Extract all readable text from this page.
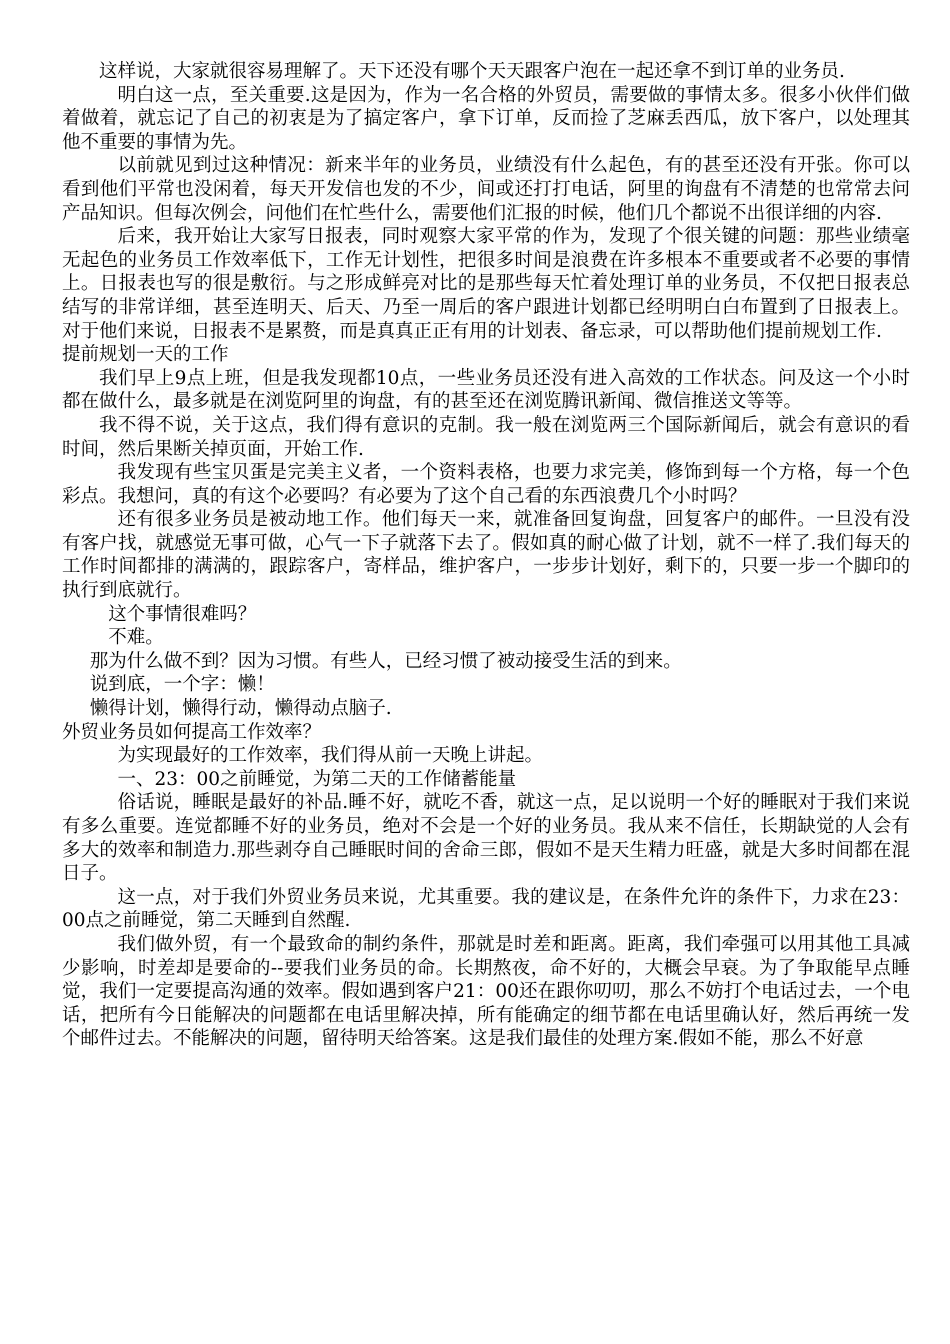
这样说，大家就很容易理解了。天下还没有哪个天天跟客户泡在一起还拿不到订单的业务员.

明白这一点，至关重要.这是因为，作为一名合格的外贸员，需要做的事情太多。很多小伙伴们做着做着，就忘记了自己的初衷是为了搞定客户，拿下订单，反而捡了芝麻丢西瓜，放下客户，以处理其他不重要的事情为先。

以前就见到过这种情况：新来半年的业务员，业绩没有什么起色，有的甚至还没有开张。你可以看到他们平常也没闲着，每天开发信也发的不少，间或还打打电话，阿里的询盘有不清楚的也常常去问产品知识。但每次例会，问他们在忙些什么，需要他们汇报的时候，他们几个都说不出很详细的内容.

后来，我开始让大家写日报表，同时观察大家平常的作为，发现了个很关键的问题：那些业绩毫无起色的业务员工作效率低下，工作无计划性，把很多时间是浪费在许多根本不重要或者不必要的事情上。日报表也写的很是敷衍。与之形成鲜亮对比的是那些每天忙着处理订单的业务员，不仅把日报表总结写的非常详细，甚至连明天、后天、乃至一周后的客户跟进计划都已经明明白白布置到了日报表上。对于他们来说，日报表不是累赘，而是真真正正有用的计划表、备忘录，可以帮助他们提前规划工作.

提前规划一天的工作

我们早上9点上班，但是我发现都10点，一些业务员还没有进入高效的工作状态。问及这一个小时都在做什么，最多就是在浏览阿里的询盘，有的甚至还在浏览腾讯新闻、微信推送文等等。

我不得不说，关于这点，我们得有意识的克制。我一般在浏览两三个国际新闻后，就会有意识的看时间，然后果断关掉页面，开始工作.

我发现有些宝贝蛋是完美主义者，一个资料表格，也要力求完美，修饰到每一个方格，每一个色彩点。我想问，真的有这个必要吗？有必要为了这个自己看的东西浪费几个小时吗？

还有很多业务员是被动地工作。他们每天一来，就准备回复询盘，回复客户的邮件。一旦没有没有客户找，就感觉无事可做，心气一下子就落下去了。假如真的耐心做了计划，就不一样了.我们每天的工作时间都排的满满的，跟踪客户，寄样品，维护客户，一步步计划好，剩下的，只要一步一个脚印的执行到底就行。

这个事情很难吗？

不难。

那为什么做不到？因为习惯。有些人，已经习惯了被动接受生活的到来。

说到底，一个字：懒！

懒得计划，懒得行动，懒得动点脑子.

外贸业务员如何提高工作效率？

为实现最好的工作效率，我们得从前一天晚上讲起。

一、23：00之前睡觉，为第二天的工作储蓄能量

俗话说，睡眠是最好的补品.睡不好，就吃不香，就这一点，足以说明一个好的睡眠对于我们来说有多么重要。连觉都睡不好的业务员，绝对不会是一个好的业务员。我从来不信任，长期缺觉的人会有多大的效率和制造力.那些剥夺自己睡眠时间的舍命三郎，假如不是天生精力旺盛，就是大多时间都在混日子。

这一点，对于我们外贸业务员来说，尤其重要。我的建议是，在条件允许的条件下，力求在23：00点之前睡觉，第二天睡到自然醒.

我们做外贸，有一个最致命的制约条件，那就是时差和距离。距离，我们牵强可以用其他工具减少影响，时差却是要命的--要我们业务员的命。长期熬夜，命不好的，大概会早衰。为了争取能早点睡觉，我们一定要提高沟通的效率。假如遇到客户21：00还在跟你叨叨，那么不妨打个电话过去，一个电话，把所有今日能解决的问题都在电话里解决掉，所有能确定的细节都在电话里确认好，然后再统一发个邮件过去。不能解决的问题，留待明天给答案。这是我们最佳的处理方案.假如不能，那么不好意
